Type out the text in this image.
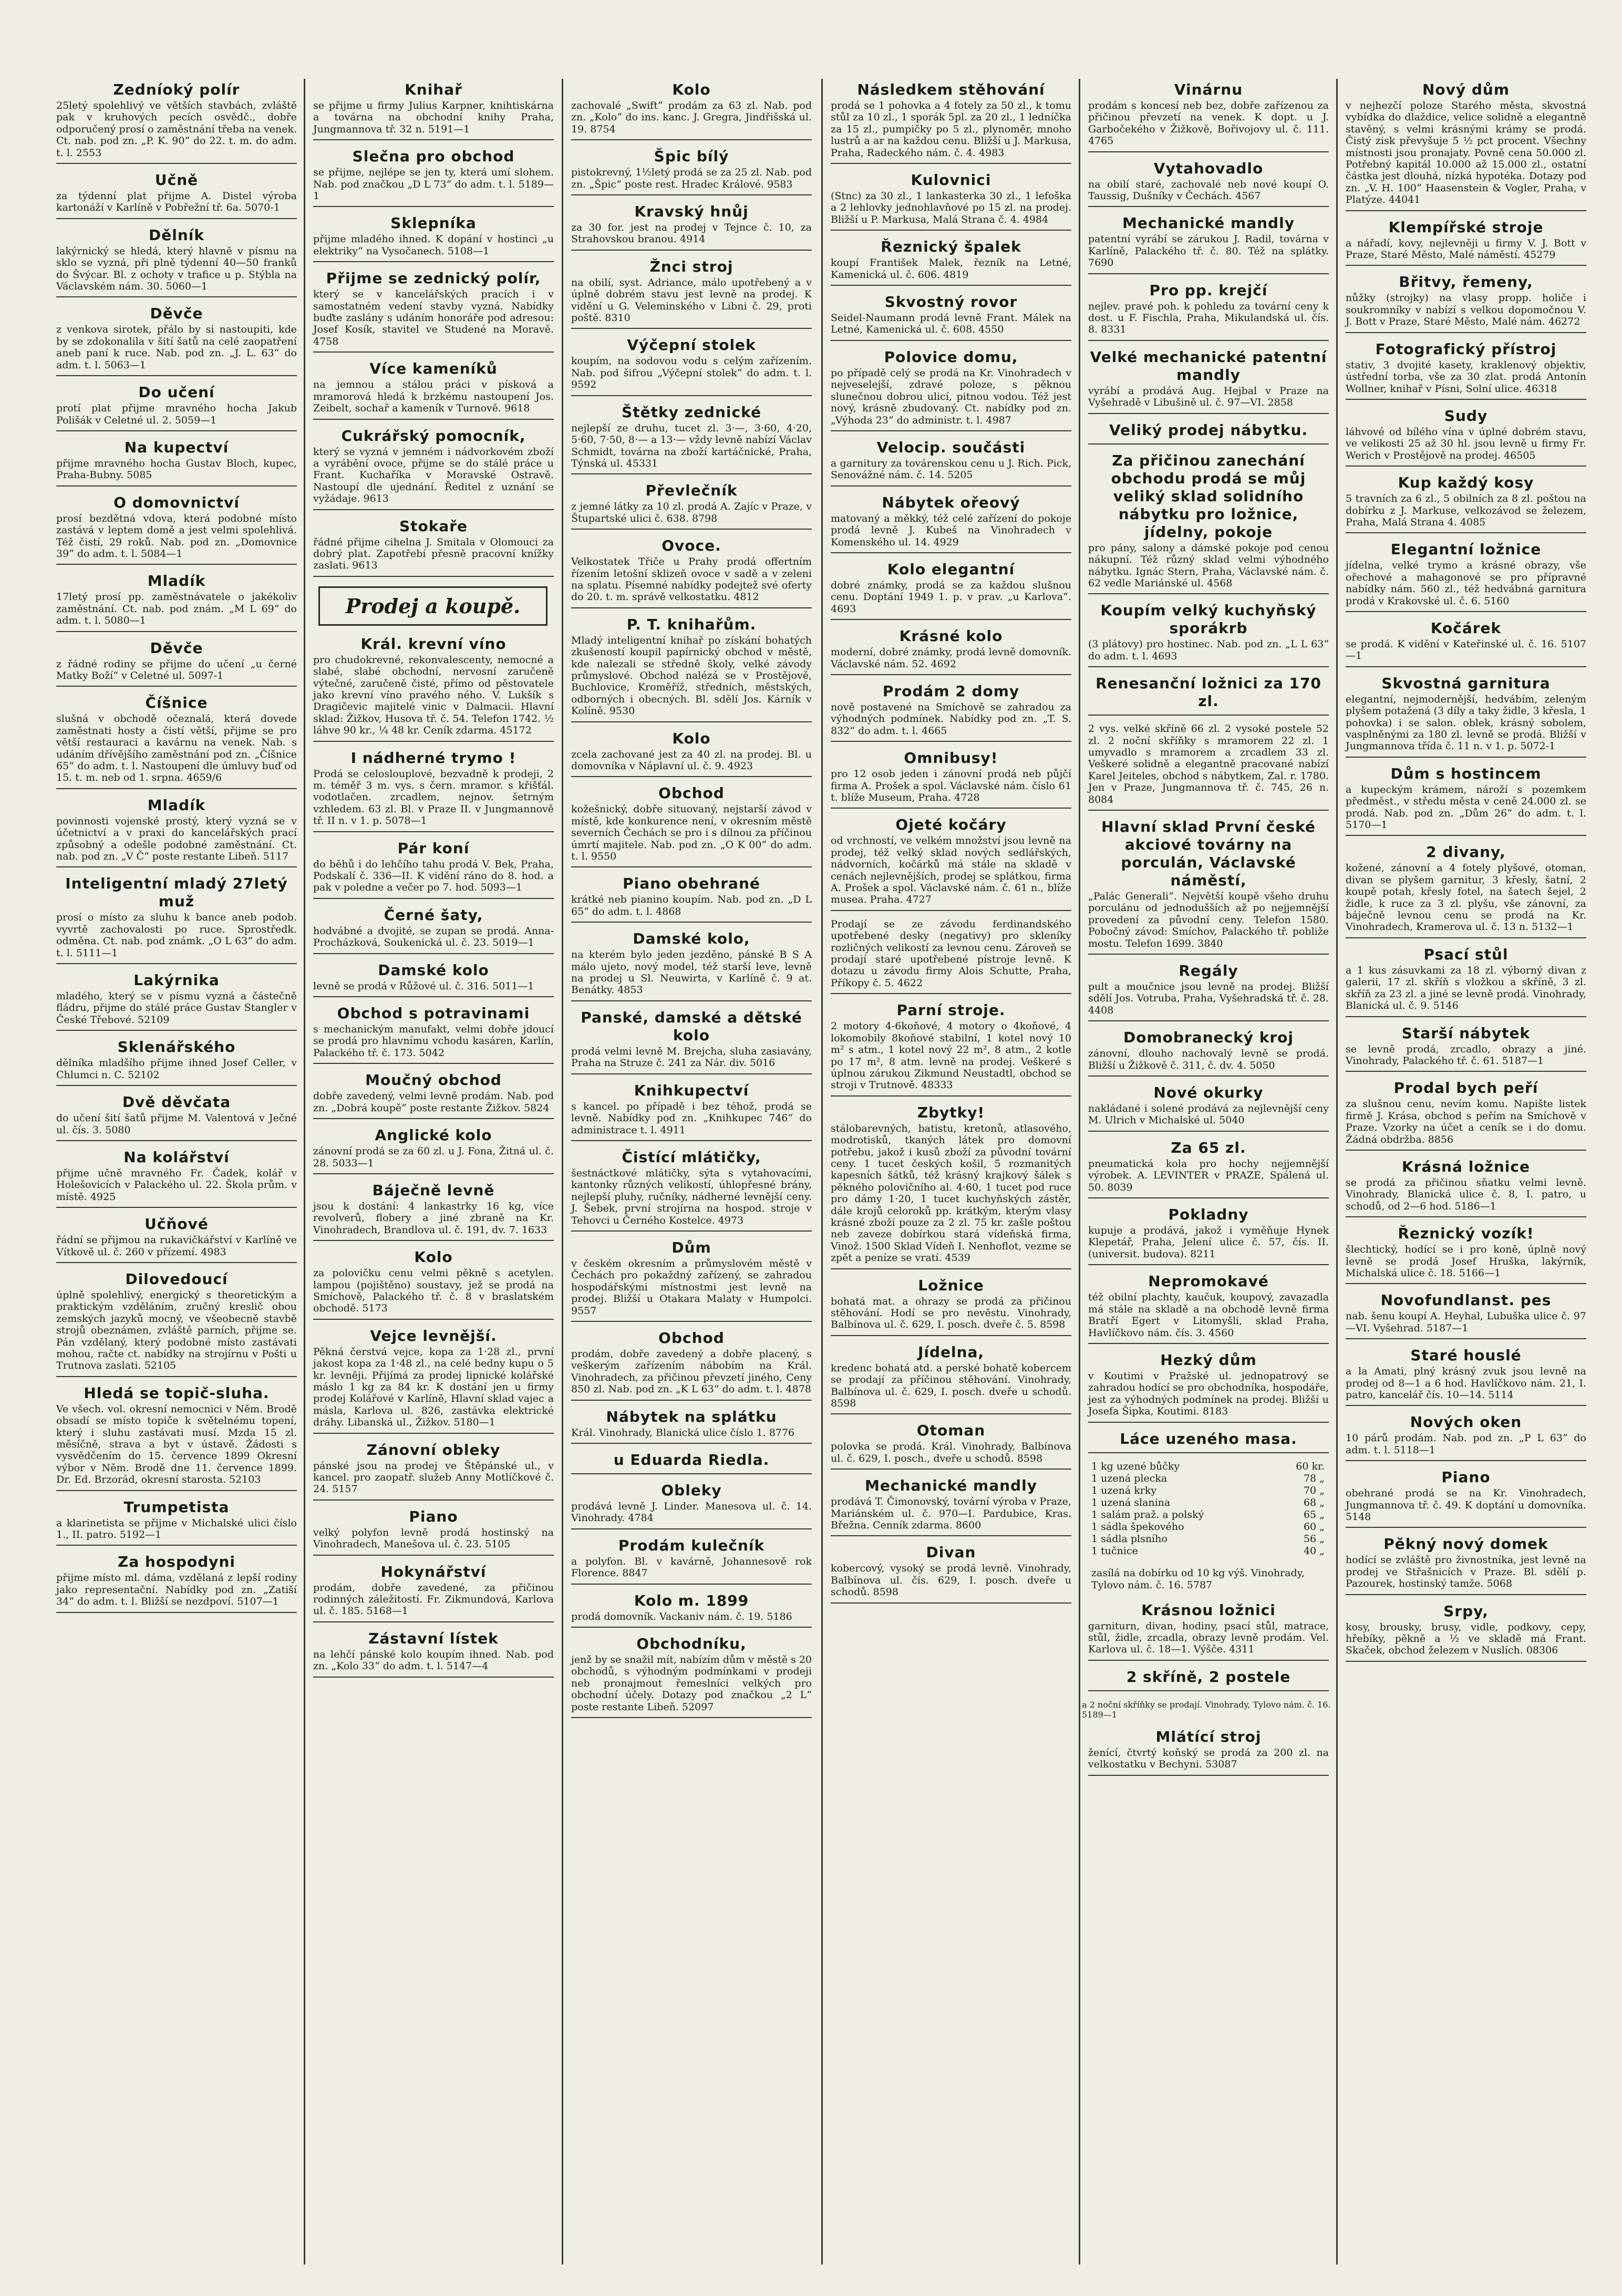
Zedníoký polír

25letý spolehlivý ve větších stavbách, zvláště pak v kruhových pecích osvědč., dobře odporučený prosí o zaměstnání třeba na venek. Ct. nab. pod zn. „P. K. 90“ do 22. t. m. do adm. t. l. 2553

Učně

za týdenní plat přijme A. Distel výroba kartonáží v Karlíně v Pobřežní tř. 6a. 5070-1

Dělník

lakýrnický se hledá, který hlavně v písmu na sklo se vyzná, při plně týdenní 40—50 franků do Švýcar. Bl. z ochoty v trafice u p. Stýbla na Václavském nám. 30. 5060—1

Děvče

z venkova sirotek, přálo by si nastoupiti, kde by se zdokonalila v šití šatů na celé zaopatření aneb paní k ruce. Nab. pod zn. „J. L. 63“ do adm. t. l. 5063—1

Do učení

protí plat přijme mravného hocha Jakub Polišák v Celetné ul. 2. 5059—1

Na kupectví

přijme mravného hocha Gustav Bloch, kupec, Praha-Bubny. 5085

O domovnictví

prosí bezdětná vdova, která podobné místo zastává v leptem domě a jest velmi spolehlivá. Též čistí, 29 roků. Nab. pod zn. „Domovnice 39“ do adm. t. l. 5084—1

Mladík

17letý prosí pp. zaměstnávatele o jakékoliv zaměstnání. Ct. nab. pod znám. „M L 69“ do adm. t. l. 5080—1

Děvče

z řádné rodiny se přijme do učení „u černé Matky Boží“ v Celetné ul. 5097-1

Číšnice

slušná v obchodě očeznalá, která dovede zaměstnati hosty a čistí větší, přijme se pro větší restauraci a kavárnu na venek. Nab. s udáním dřívějšího zaměstnání pod zn. „Číšnice 65“ do adm. t. l. Nastoupení dle úmluvy buď od 15. t. m. neb od 1. srpna. 4659/6

Mladík

povinnosti vojenské prostý, který vyzná se v účetnictví a v praxi do kancelářských prací způsobný a odešle podobné zaměstnání. Ct. nab. pod zn. „V Č“ poste restante Libeň. 5117

Inteligentní mladý 27letý muž

prosí o místo za sluhu k bance aneb podob. vyvrtě zachovalosti po ruce. Sprostředk. odměna. Ct. nab. pod známk. „O L 63“ do adm. t. l. 5111—1

Lakýrnika

mladého, který se v písmu vyzná a částečně fládru, přijme do stálé práce Gustav Stangler v České Třebové. 52109

Sklenářského

dělníka mladšího přijme ihned Josef Celler, v Chlumci n. C. 52102

Dvě děvčata

do učení šití šatů přijme M. Valentová v Ječné ul. čís. 3. 5080

Na kolářství

přijme učně mravného Fr. Čadek, kolář v Holešovicích v Palackého ul. 22. Škola prům. v místě. 4925

Učňové

řádní se přijmou na rukavičkářství v Karlíně ve Vítkově ul. č. 260 v přízemí. 4983

Dilovedoucí

úplně spolehlivý, energický s theoretickým a praktickým vzděláním, zručný kreslič obou zemských jazyků mocný, ve všeobecně stavbě strojů obeznámen, zvláště parních, přijme se. Pán vzdělaný, který podobné místo zastávati mohou, račte ct. nabídky na strojírnu v Pošti u Trutnova zaslati. 52105

Hledá se topič-sluha.

Ve všech. vol. okresní nemocnici v Něm. Brodě obsadí se místo topiče k světelnému topení, který i sluhu zastávati musí. Mzda 15 zl. měsíčně, strava a byt v ústavě. Žádosti s vysvědčením do 15. července 1899 Okresní výbor v Něm. Brodě dne 11. července 1899. Dr. Ed. Brzorád, okresní starosta. 52103

Trumpetista

a klarinetista se přijme v Michalské ulici číslo 1., II. patro. 5192—1

Za hospodyni

přijme místo ml. dáma, vzdělaná z lepší rodiny jako representační. Nabídky pod zn. „Zatiší 34“ do adm. t. l. Bližší se nezdpoví. 5107—1

Knihař

se přijme u firmy Julius Karpner, knihtiskárna a továrna na obchodní knihy Praha, Jungmannova tř. 32 n. 5191—1

Slečna pro obchod

se přijme, nejlépe se jen ty, která umí slohem. Nab. pod značkou „D L 73“ do adm. t. l. 5189—1

Sklepníka

přijme mladého ihned. K dopání v hostinci „u elektriky“ na Vysočanech. 5108—1

Přijme se zednický polír,

který se v kancelářských pracích i v samostatném vedení stavby vyzná. Nabídky buďte zaslány s udáním honoráře pod adresou: Josef Kosík, stavitel ve Studené na Moravě. 4758

Více kameníků

na jemnou a stálou práci v písková a mramorová hledá k brzkému nastoupení Jos. Zeibelt, sochař a kameník v Turnově. 9618

Cukrářský pomocník,

který se vyzná v jemném i nádvorkovém zboží a vyrábění ovoce, přijme se do stálé práce u Frant. Kuchaříka v Moravské Ostravě. Nastoupí dle ujednání. Ředitel z uznání se vyžádaje. 9613

Stokaře

řádné přijme cihelna J. Smitala v Olomouci za dobrý plat. Zapotřebí přesně pracovní knížky zaslati. 9613

Prodej a koupě.
Král. krevní víno

pro chudokrevné, rekonvalescenty, nemocné a slabé, slabé obchodní, nervosní zaručeně výtečné, zaručeně čisté, přímo od pěstovatele jako krevní víno pravého ného. V. Lukšík s Dragičevic majitelé vinic v Dalmacii. Hlavní sklad: Žižkov, Husova tř. č. 54. Telefon 1742. ½ láhve 90 kr., ¼ 48 kr. Ceník zdarma. 45172

I nádherné trymo !

Prodá se celoslouplové, bezvadně k prodeji, 2 m. téměř 3 m. vys. s čern. mramor. s křišťál. vodotlačen. zrcadlem, nejnov. šetrným vzhledem. 63 zl. Bl. v Praze II. v Jungmannově tř. II n. v 1. p. 5078—1

Pár koní

do běhů i do lehčího tahu prodá V. Bek, Praha, Podskalí č. 336—II. K vidění ráno do 8. hod. a pak v poledne a večer po 7. hod. 5093—1

Černé šaty,

hodvábné a dvojité, se zupan se prodá. Anna-Procházková, Soukenická ul. č. 23. 5019—1

Damské kolo

levně se prodá v Růžové ul. č. 316. 5011—1

Obchod s potravinami

s mechanickým manufakt, velmi dobře jdoucí se prodá pro hlavnímu vchodu kasáren, Karlín, Palackého tř. č. 173. 5042

Moučný obchod

dobře zavedený, velmi levně prodám. Nab. pod zn. „Dobrá koupě“ poste restante Žižkov. 5824

Anglické kolo

zánovní prodá se za 60 zl. u J. Fona, Žitná ul. č. 28. 5033—1

Báječně levně

jsou k dostání: 4 lankastrky 16 kg, více revolverů, flobery a jiné zbraně na Kr. Vinohradech, Brandlova ul. č. 191, dv. 7. 1633

Kolo

za polovičku cenu velmi pěkně s acetylen. lampou (pojištěno) soustavy, jež se prodá na Smíchově, Palackého tř. č. 8 v braslatském obchodě. 5173

Vejce levnější.

Pěkná čerstvá vejce, kopa za 1·28 zl., první jakost kopa za 1·48 zl., na celé bedny kupu o 5 kr. levněji. Přijímá za prodej lipnické kolářské máslo 1 kg za 84 kr. K dostání jen u firmy prodej Kolářové v Karlíně, Hlavní sklad vajec a másla, Karlova ul. 826, zastávka elektrické dráhy. Libanská ul., Žižkov. 5180—1

Zánovní obleky

pánské jsou na prodej ve Štěpánské ul., v kancel. pro zaopatř. služeb Anny Motlíčkové č. 24. 5157

Piano

velký polyfon levně prodá hostinský na Vinohradech, Manešova ul. č. 23. 5105

Hokynářství

prodám, dobře zavedené, za přičinou rodinných záležitostí. Fr. Zikmundová, Karlova ul. č. 185. 5168—1

Zástavní lístek

na lehčí pánské kolo koupím ihned. Nab. pod zn. „Kolo 33“ do adm. t. l. 5147—4

Kolo

zachovalé „Swift“ prodám za 63 zl. Nab. pod zn. „Kolo“ do ins. kanc. J. Gregra, Jindřišská ul. 19. 8754

Špic bílý

pistokrevný, 1½letý prodá se za 25 zl. Nab. pod zn. „Špic“ poste rest. Hradec Králové. 9583

Kravský hnůj

za 30 for. jest na prodej v Tejnce č. 10, za Strahovskou branou. 4914

Žnci stroj

na obilí, syst. Adriance, málo upotřebený a v úplně dobrém stavu jest levně na prodej. K vidění u G. Veleminského v Libni č. 29, proti poště. 8310

Výčepní stolek

koupím, na sodovou vodu s celým zařízením. Nab. pod šifrou „Výčepní stolek“ do adm. t. l. 9592

Štětky zednické

nejlepší ze druhu, tucet zl. 3·—, 3·60, 4·20, 5·60, 7·50, 8·— a 13·— vždy levně nabízí Václav Schmidt, továrna na zboží kartáčnické, Praha, Týnská ul. 45331

Převlečník

z jemné látky za 10 zl. prodá A. Zajíc v Praze, v Štupartské ulici č. 638. 8798

Ovoce.

Velkostatek Třiče u Prahy prodá offertním řízením letošní sklizeň ovoce v sadě a v zeleni na splatu. Písemné nabídky podejtež své oferty do 20. t. m. správě velkostatku. 4812

P. T. knihařům.

Mladý inteligentní knihař po získání bohatých zkušeností koupil papírnický obchod v městě, kde nalezali se středně školy, velké závody průmyslové. Obchod nalézá se v Prostějově, Buchlovice, Kroměříž, středních, městských, odborných i obecných. Bl. sdělí Jos. Kárník v Kolíně. 9530

Kolo

zcela zachované jest za 40 zl. na prodej. Bl. u domovníka v Náplavní ul. č. 9. 4923

Obchod

kožešnický, dobře situovaný, nejstarší závod v místě, kde konkurence není, v okresním městě severních Čechách se pro i s dílnou za příčinou úmrtí majitele. Nab. pod zn. „O K 00“ do adm. t. l. 9550

Piano obehrané

krátké neb pianino koupím. Nab. pod zn. „D L 65“ do adm. t. l. 4868

Damské kolo,

na kterém bylo jeden jezděno, pánské B S A málo ujeto, nový model, též starší leve, levně na prodej u Sl. Neuwirta, v Karlíně č. 9 at. Benátky. 4853

Panské, damské a dětské kolo

prodá velmi levně M. Brejcha, sluha zasiavány, Praha na Struze č. 241 za Nár. div. 5016

Knihkupectví

s kancel. po případě i bez téhož, prodá se levně. Nabídky pod zn. „Knihkupec 746“ do administrace t. l. 4911

Čistící mlátičky,

šestnáctkové mlátičky, sýta s vytahovacími, kantonky různých velikostí, úhlopřesné brány, nejlepší pluhy, ručníky, nádherné levnější ceny. J. Šebek, první strojírna na hospod. stroje v Tehovci u Černého Kostelce. 4973

Dům

v českém okresním a průmyslovém městě v Čechách pro pokaždný zařízený, se zahradou hospodářskými místnostmi jest levně na prodej. Bližší u Otakara Malaty v Humpolci. 9557

Obchod

prodám, dobře zavedený a dobře placený, s veškerým zařízením nábobím na Král. Vinohradech, za přičinou převzetí jiného, Ceny 850 zl. Nab. pod zn. „K L 63“ do adm. t. l. 4878

Nábytek na splátku

Král. Vinohrady, Blanická ulice číslo 1. 8776

u Eduarda Riedla.
Obleky

prodává levně J. Linder. Manesova ul. č. 14. Vinohrady. 4784

Prodám kulečník

a polyfon. Bl. v kavárně, Johannesově rok Florence. 8847

Kolo m. 1899

prodá domovník. Vackaniv nám. č. 19. 5186

Obchodníku,

jenž by se snažil mít, nabízím dům v městě s 20 obchodů, s výhodným podmínkami v prodeji neb pronajmout řemeslníci velkých pro obchodní účely. Dotazy pod značkou „2 L“ poste restante Libeň. 52097

Následkem stěhování

prodá se 1 pohovka a 4 fotely za 50 zl., k tomu stůl za 10 zl., 1 sporák 5pl. za 20 zl., 1 ledníčka za 15 zl., pumpičky po 5 zl., plynoměr, mnoho lustrů a ar na každou cenu. Bližší u J. Markusa, Praha, Radeckého nám. č. 4. 4983

Kulovnici

(Stnc) za 30 zl., 1 lankasterka 30 zl., 1 lefoška a 2 lehlovky jednohlavňové po 15 zl. na prodej. Bližší u P. Markusa, Malá Strana č. 4. 4984

Řeznický špalek

koupí František Malek, řezník na Letné, Kamenická ul. č. 606. 4819

Skvostný rovor

Seidel-Naumann prodá levně Frant. Málek na Letné, Kamenická ul. č. 608. 4550

Polovice domu,

po případě celý se prodá na Kr. Vinohradech v nejveselejší, zdravé poloze, s pěknou slunečnou dobrou ulicí, pitnou vodou. Též jest nový, krásně zbudovaný. Ct. nabídky pod zn. „Výhoda 23“ do administr. t. l. 4987

Velocip. součásti

a garnitury za továrenskou cenu u J. Rich. Pick, Senovážné nám. č. 14. 5205

Nábytek ořeový

matovaný a měkký, též celé zařízení do pokoje prodá levně J. Kubeš na Vinohradech v Komenského ul. 14. 4929

Kolo elegantní

dobré známky, prodá se za každou slušnou cenu. Doptání 1949 1. p. v prav. „u Karlova“. 4693

Krásné kolo

moderní, dobré známky, prodá levně domovník. Václavské nám. 52. 4692

Prodám 2 domy

nově postavené na Smíchově se zahradou za výhodných podmínek. Nabídky pod zn. „T. S. 832“ do adm. t. l. 4665

Omnibusy!

pro 12 osob jeden i zánovní prodá neb půjčí firma A. Prošek a spol. Václavské nám. číslo 61 t. blíže Museum, Praha. 4728

Ojeté kočáry

od vrchností, ve velkém množství jsou levně na prodej, též velký sklad nových sedlářských, nádvorních, kočárků má stále na skladě v cenách nejlevnějších, prodej se splátkou, firma A. Prošek a spol. Václavské nám. č. 61 n., blíže musea. Praha. 4727

Prodají se ze závodu ferdinandského upotřebené desky (negativy) pro skleníky rozličných velikostí za levnou cenu. Zároveň se prodají staré upotřebené pístroje levně. K dotazu u závodu firmy Alois Schutte, Praha, Příkopy č. 5. 4622

Parní stroje.

2 motory 4-6koňové, 4 motory o 4koňové, 4 lokomobily 8koňové stabilní, 1 kotel nový 10 m² s atm., 1 kotel nový 22 m², 8 atm., 2 kotle po 17 m², 8 atm. levně na prodej. Veškeré s úplnou zárukou Zikmund Neustadtl, obchod se stroji v Trutnově. 48333

Zbytky!

stálobarevných, batistu, kretonů, atlasového, modrotisků, tkaných látek pro domovní potřebu, jakož i kusů zboží za původní tovární ceny. 1 tucet českých košil, 5 rozmanitých kapesních šátků, též krásný krajkový šálek s pěkného polovičního al. 4·60, 1 tucet pod ruce pro dámy 1·20, 1 tucet kuchyňských zástěr, dále krojů celoroků pp. krátkým, kterým vlasy krásné zboží pouze za 2 zl. 75 kr. zašle poštou neb zaveze dobírkou stará vídeňská firma, Vinož. 1500 Sklad Vídeň I. Nenhoflot, vezme se zpět a peníze se vratí. 4539

Ložnice

bohatá mat. a ohrazy se prodá za přičinou stěhování. Hodí se pro nevěstu. Vinohrady, Balbínova ul. č. 629, I. posch. dveře č. 5. 8598

Jídelna,

kredenc bohatá atd. a perské bohatě kobercem se prodají za příčinou stěhování. Vinohrady, Balbínova ul. č. 629, I. posch. dveře u schodů. 8598

Otoman

polovka se prodá. Král. Vinohrady, Balbínova ul. č. 629, I. posch., dveře u schodů. 8598

Mechanické mandly

prodává T. Čimonovský, tovární výroba v Praze, Mariánském ul. č. 970—I. Pardubice, Kras. Břežna. Cenník zdarma. 8600

Divan

kobercový, vysoký se prodá levně. Vinohrady, Balbínova ul. čís. 629, I. posch. dveře u schodů. 8598

Vinárnu

prodám s koncesí neb bez, dobře zařízenou za přičinou převzetí na venek. K dopt. u J. Garbočekého v Žižkově, Bořivojovy ul. č. 111. 4765

Vytahovadlo

na obilí staré, zachovalé neb nové koupí O. Taussig, Dušníky v Čechách. 4567

Mechanické mandly

patentní vyrábí se zárukou J. Radil, továrna v Karlíně, Palackého tř. č. 80. Též na splátky. 7690

Pro pp. krejčí

nejlev. pravé poh. k pohledu za tovární ceny k dost. u F. Fischla, Praha, Mikulandská ul. čís. 8. 8331

Velké mechanické patentní mandly

vyrábí a prodává Aug. Hejbal v Praze na Vyšehradě v Libušině ul. č. 97—VI. 2858

Veliký prodej nábytku.
Za přičinou zanechání obchodu prodá se můj veliký sklad solidního nábytku pro ložnice, jídelny, pokoje

pro pány, salony a dámské pokoje pod cenou nákupní. Též různý sklad velmi výhodného nábytku. Ignác Stern, Praha, Václavské nám. č. 62 vedle Mariánské ul. 4568

Koupím velký kuchyňský sporákrb

(3 plátovy) pro hostinec. Nab. pod zn. „L L 63“ do adm. t. l. 4693

Renesanční ložnici za 170 zl.

2 vys. velké skříně 66 zl. 2 vysoké postele 52 zl. 2 noční skříňky s mramorem 22 zl. 1 umyvadlo s mramorem a zrcadlem 33 zl. Veškeré solidně a elegantně pracované nabízí Karel Jeiteles, obchod s nábytkem, Zal. r. 1780. Jen v Praze, Jungmannova tř. č. 745, 26 n. 8084

Hlavní sklad První české akciové továrny na porculán, Václavské náměstí,

„Palác Generali“. Největší koupě všeho druhu porculánu od jednodušších až po nejjemnější provedení za původní ceny. Telefon 1580. Pobočný závod: Smíchov, Palackého tř. pobliže mostu. Telefon 1699. 3840

Regály

pult a moučnice jsou levně na prodej. Bližší sdělí Jos. Votruba, Praha, Vyšehradská tř. č. 28. 4408

Domobranecký kroj

zánovní, dlouho nachovalý levně se prodá. Bližší u Žižkově č. 311, č. dv. 4. 5050

Nové okurky

nakládané i solené prodává za nejlevnější ceny M. Ulrich v Michalské ul. 5040

Za 65 zl.

pneumatická kola pro hochy nejjemnější výrobek. A. LEVINTER v PRAZE, Spálená ul. 50. 8039

Pokladny

kupuje a prodává, jakož i vyměňuje Hynek Klepetář, Praha, Jelení ulice č. 57, čís. II. (universit. budova). 8211

Nepromokavé

též obilní plachty, kaučuk, koupový, zavazadla má stále na skladě a na obchodě levně firma Bratří Egert v Litomyšli, sklad Praha, Havlíčkovo nám. čís. 3. 4560

Hezký dům

v Koutimi v Pražské ul. jednopatrový se zahradou hodící se pro obchodníka, hospodáře, jest za výhodných podmínek na prodej. Bližší u Josefa Šipka, Koutimi. 8183

Láce uzeného masa.
1 kg uzené bůčky	60 kr.
1 uzená plecka	78 „
1 uzená krky	70 „
1 uzená slanina	68 „
1 salám praž. a polský	65 „
1 sádla špekového	60 „
1 sádla plsního	56 „
1 tučnice	40 „

zasílá na dobírku od 10 kg výš. Vinohrady, Tylovo nám. č. 16. 5787

Krásnou ložnici

garniturn, divan, hodiny, psací stůl, matrace, stůl, židle, zrcadla, obrazy levně prodám. Vel. Karlova ul. č. 18—1. Výšče. 4311

2 skříně, 2 postele

a 2 noční skříňky se prodají. Vinohrady, Tylovo nám. č. 16. 5189—1

Mlátící stroj

ženící, čtvrtý koňský se prodá za 200 zl. na velkostatku v Bechyni. 53087

Nový dům

v nejhezčí poloze Starého města, skvostná vybídka do dlaždice, velice solidně a elegantně stavěný, s velmi krásnými krámy se prodá. Čistý zisk převyšuje 5 ½ pct procent. Všechny místnosti jsou pronajaty. Povně cena 50.000 zl. Potřebný kapitál 10.000 až 15.000 zl., ostatní částka jest dlouhá, nízká hypotéka. Dotazy pod zn. „V. H. 100“ Haasenstein & Vogler, Praha, v Platýze. 44041

Klempířské stroje

a nářadí, kovy, nejlevněji u firmy V. J. Bott v Praze, Staré Město, Malé náměstí. 45279

Břitvy, řemeny,

nůžky (strojky) na vlasy propp. holiče i soukromníky v nabízí s velkou dopomočnou V. J. Bott v Praze, Staré Město, Malé nám. 46272

Fotografický přístroj

stativ, 3 dvojité kasety, kraklenový objektiv, ústřední torba, vše za 30 zlat. prodá Antonín Wollner, knihař v Písni, Solní ulice. 46318

Sudy

láhvové od bílého vína v úplné dobrém stavu, ve velikosti 25 až 30 hl. jsou levně u firmy Fr. Werich v Prostějově na prodej. 46505

Kup každý kosy

5 travních za 6 zl., 5 obilních za 8 zl. poštou na dobírku z J. Markuse, velkozávod se železem, Praha, Malá Strana 4. 4085

Elegantní ložnice

jídelna, velké trymo a krásné obrazy, vše ořechové a mahagonové se pro přípravné nabídky nám. 560 zl., též hedvábná garnitura prodá v Krakovské ul. č. 6. 5160

Kočárek

se prodá. K vidění v Kateřinské ul. č. 16. 5107—1

Skvostná garnitura

elegantní, nejmodernější, hedvábím, zeleným plyšem potažená (3 díly a taky židle, 3 křesla, 1 pohovka) i se salon. oblek, krásný sobolem, vasplněnými za 180 zl. levně se prodá. Bližší v Jungmannova třída č. 11 n. v 1. p. 5072-1

Dům s hostincem

a kupeckým krámem, nároží s pozemkem předměst., v středu města v ceně 24.000 zl. se prodá. Nab. pod zn. „Dům 26“ do adm. t. l. 5170—1

2 divany,

kožené, zánovní a 4 fotely plyšové, otoman, divan se plyšem garnitur, 3 křesly, šatní, 2 koupě potah, křesly fotel, na šatech šejel, 2 židle, k ruce za 3 zl. plyšu, vše zánovní, za báječně levnou cenu se prodá na Kr. Vinohradech, Kramerova ul. č. 13 n. 5132—1

Psací stůl

a 1 kus zásuvkami za 18 zl. výborný divan z galerii, 17 zl. skříň s vložkou a skříně, 3 zl. skříň za 23 zl. a jiné se levně prodá. Vinohrady, Blanická ul. č. 9. 5146

Starší nábytek

se levně prodá, zrcadlo, obrazy a jiné. Vinohrady, Palackého tř. č. 61. 5187—1

Prodal bych peří

za slušnou cenu, nevím komu. Napište listek firmě J. Krása, obchod s peřím na Smíchově v Praze. Vzorky na účet a ceník se i do domu. Žádná obdržba. 8856

Krásná ložnice

se prodá za přičinou sňatku velmi levně. Vinohrady, Blanická ulice č. 8, I. patro, u schodů, od 2—6 hod. 5186—1

Řeznický vozík!

šlechtický, hodící se i pro koně, úplně nový levně se prodá Josef Hruška, lakýrník, Michalská ulice č. 18. 5166—1

Novofundlanst. pes

nab. šenu koupí A. Heyhal, Lubuška ulice č. 97—VI. Vyšehrad. 5187—1

Staré houslé

a la Amati, plný krásný zvuk jsou levně na prodej od 8—1 a 6 hod. Havlíčkovo nám. 21, I. patro, kancelář čís. 10—14. 5114

Nových oken

10 párů prodám. Nab. pod zn. „P L 63“ do adm. t. l. 5118—1

Piano

obehrané prodá se na Kr. Vinohradech, Jungmannova tř. č. 49. K doptání u domovníka. 5148

Pěkný nový domek

hodící se zvláště pro živnostníka, jest levně na prodej ve Střašnicích v Praze. Bl. sdělí p. Pazourek, hostinský tamže. 5068

Srpy,

kosy, brousky, brusy, vidle, podkovy, cepy, hřebíky, pěkně a ½ ve skladě má Frant. Skaček, obchod železem v Nuslích. 08306
